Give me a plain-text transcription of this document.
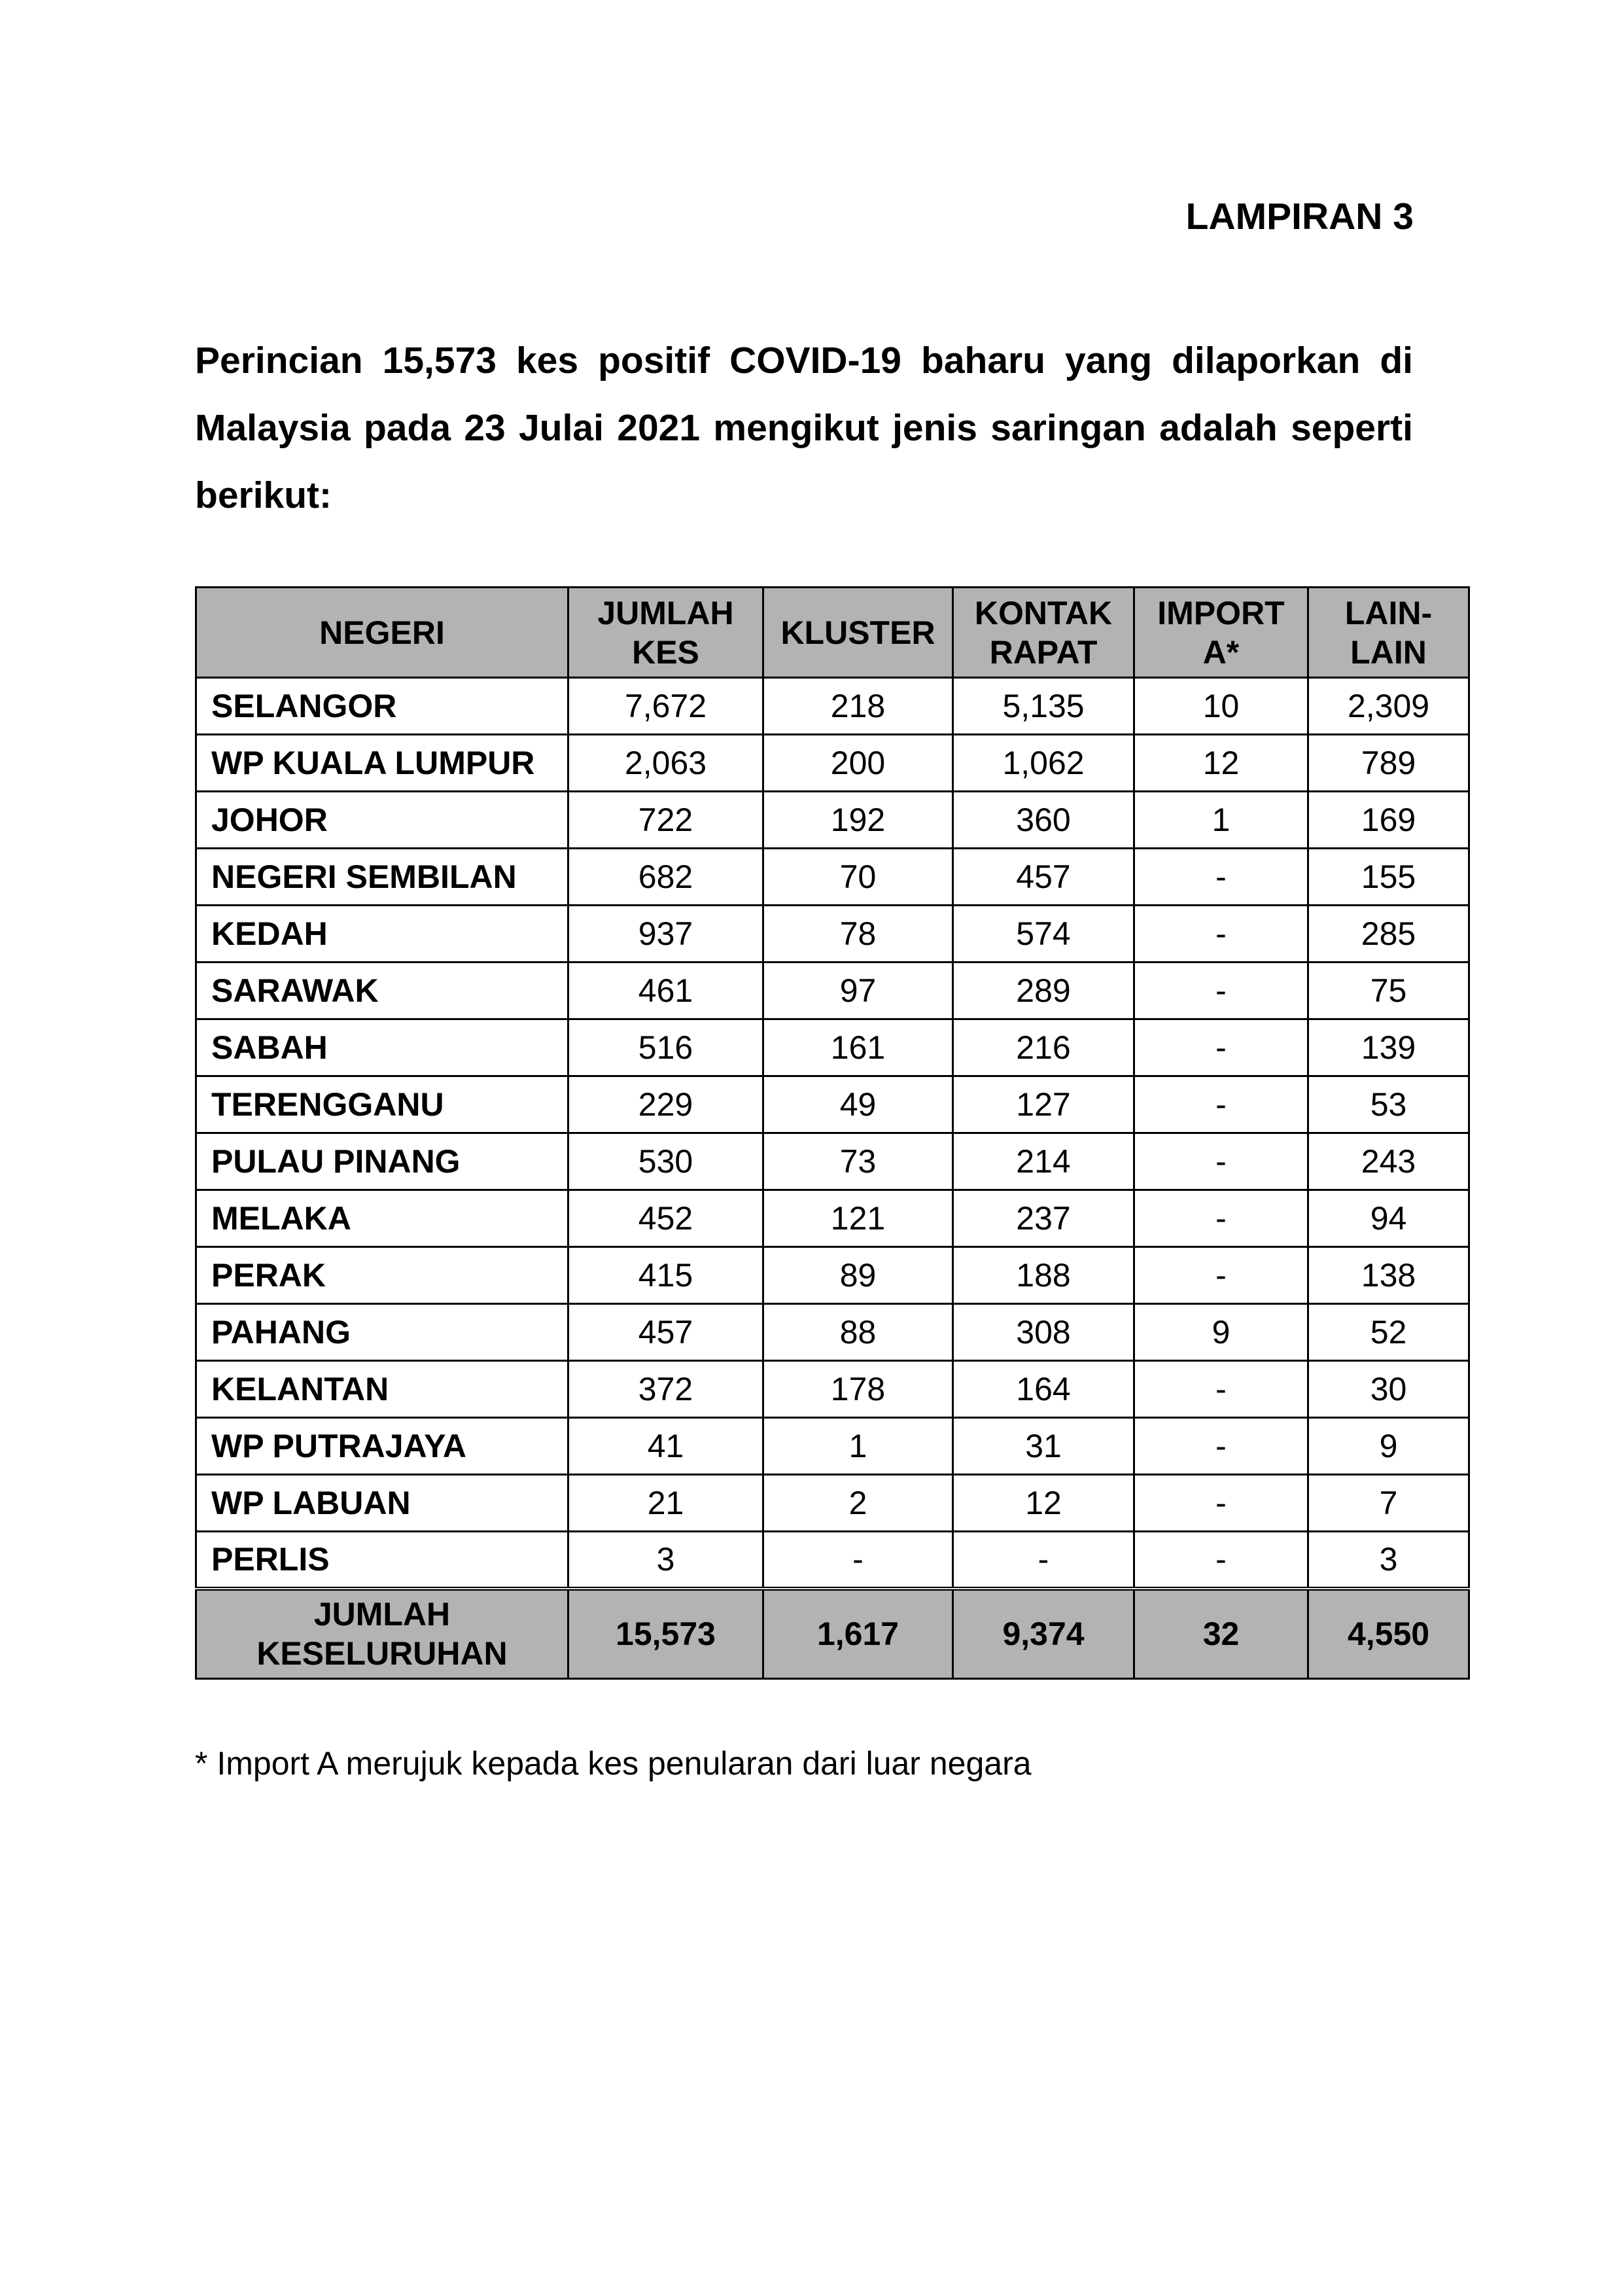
LAMPIRAN 3

Perincian 15,573 kes positif COVID-19 baharu yang dilaporkan di Malaysia pada 23 Julai 2021 mengikut jenis saringan adalah seperti berikut:

NEGERI	JUMLAH KES	KLUSTER	KONTAK RAPAT	IMPORT A*	LAIN-LAIN
SELANGOR	7,672	218	5,135	10	2,309
WP KUALA LUMPUR	2,063	200	1,062	12	789
JOHOR	722	192	360	1	169
NEGERI SEMBILAN	682	70	457	-	155
KEDAH	937	78	574	-	285
SARAWAK	461	97	289	-	75
SABAH	516	161	216	-	139
TERENGGANU	229	49	127	-	53
PULAU PINANG	530	73	214	-	243
MELAKA	452	121	237	-	94
PERAK	415	89	188	-	138
PAHANG	457	88	308	9	52
KELANTAN	372	178	164	-	30
WP PUTRAJAYA	41	1	31	-	9
WP LABUAN	21	2	12	-	7
PERLIS	3	-	-	-	3
JUMLAH KESELURUHAN	15,573	1,617	9,374	32	4,550

* Import A merujuk kepada kes penularan dari luar negara
